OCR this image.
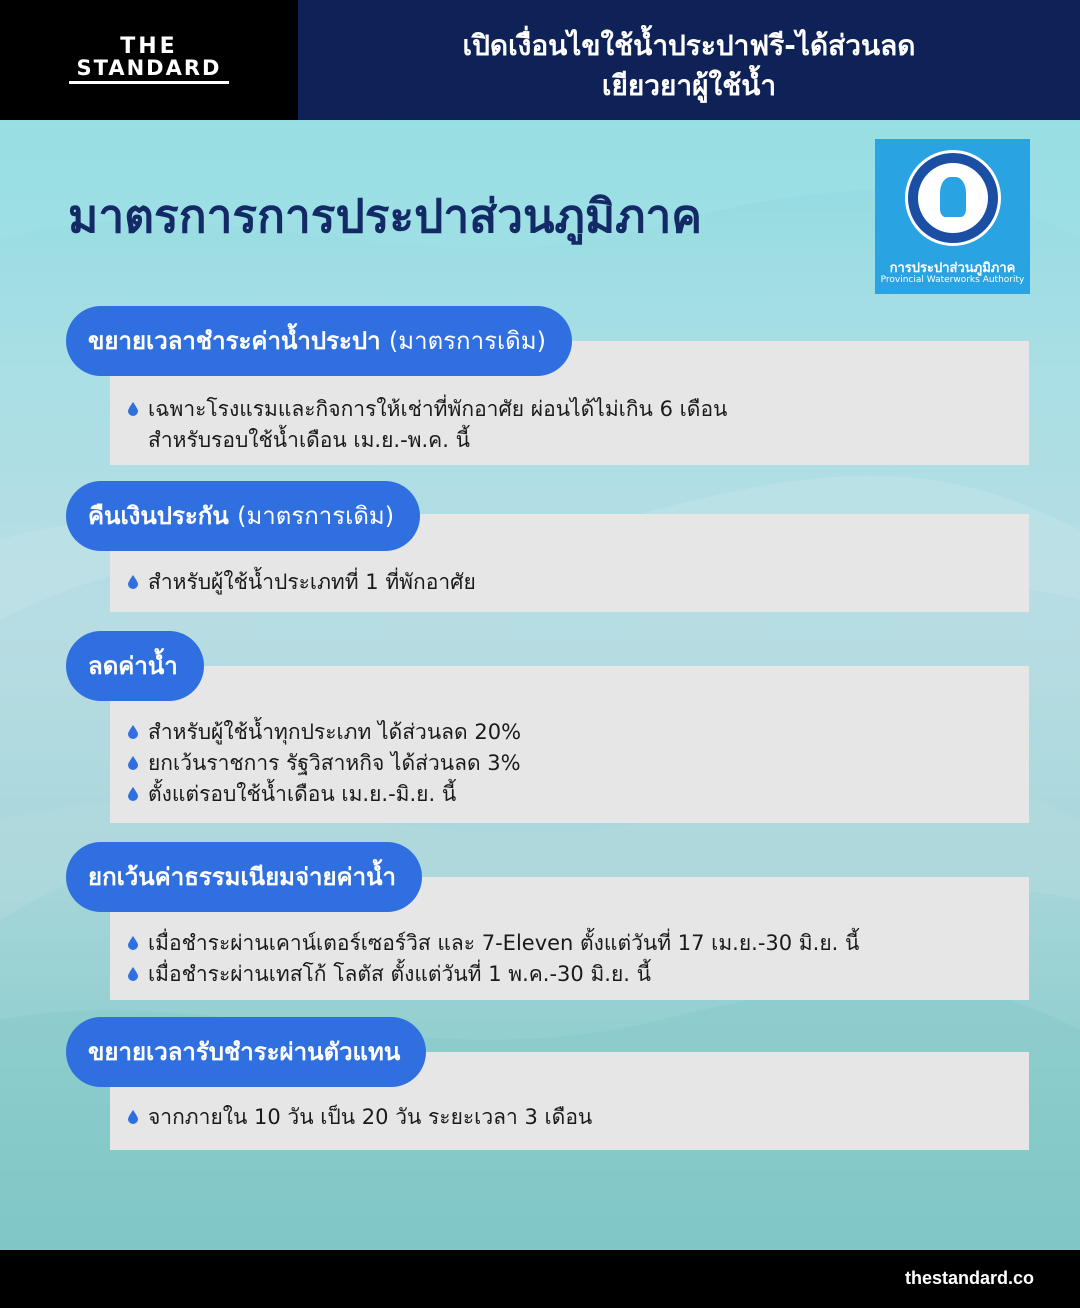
THE
STANDARD
เปิดเงื่อนไขใช้น้ำประปาฟรี-ได้ส่วนลด
เยียวยาผู้ใช้น้ำ
มาตรการการประปาส่วนภูมิภาค
การประปาส่วนภูมิภาค
Provincial Waterworks Authority
ขยายเวลาชำระค่าน้ำประปา (มาตรการเดิม)
เฉพาะโรงแรมและกิจการให้เช่าที่พักอาศัย ผ่อนได้ไม่เกิน 6 เดือน
สำหรับรอบใช้น้ำเดือน เม.ย.-พ.ค. นี้
คืนเงินประกัน (มาตรการเดิม)
สำหรับผู้ใช้น้ำประเภทที่ 1 ที่พักอาศัย
ลดค่าน้ำ
สำหรับผู้ใช้น้ำทุกประเภท ได้ส่วนลด 20%
ยกเว้นราชการ รัฐวิสาหกิจ ได้ส่วนลด 3%
ตั้งแต่รอบใช้น้ำเดือน เม.ย.-มิ.ย. นี้
ยกเว้นค่าธรรมเนียมจ่ายค่าน้ำ
เมื่อชำระผ่านเคาน์เตอร์เซอร์วิส และ 7-Eleven ตั้งแต่วันที่ 17 เม.ย.-30 มิ.ย. นี้
เมื่อชำระผ่านเทสโก้ โลตัส ตั้งแต่วันที่ 1 พ.ค.-30 มิ.ย. นี้
ขยายเวลารับชำระผ่านตัวแทน
จากภายใน 10 วัน เป็น 20 วัน ระยะเวลา 3 เดือน
thestandard.co
